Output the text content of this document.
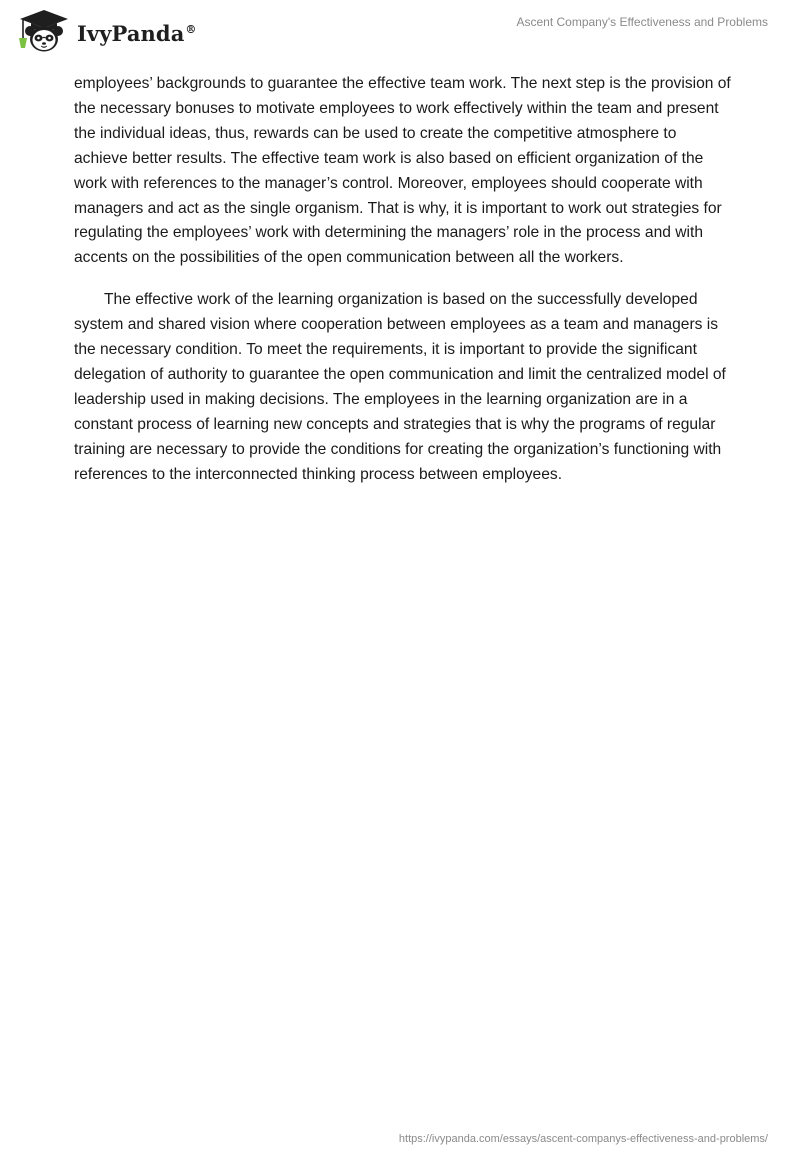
IvyPanda®	Ascent Company's Effectiveness and Problems

employees’ backgrounds to guarantee the effective team work. The next step is the provision of the necessary bonuses to motivate employees to work effectively within the team and present the individual ideas, thus, rewards can be used to create the competitive atmosphere to achieve better results. The effective team work is also based on efficient organization of the work with references to the manager’s control. Moreover, employees should cooperate with managers and act as the single organism. That is why, it is important to work out strategies for regulating the employees’ work with determining the managers’ role in the process and with accents on the possibilities of the open communication between all the workers.

The effective work of the learning organization is based on the successfully developed system and shared vision where cooperation between employees as a team and managers is the necessary condition. To meet the requirements, it is important to provide the significant delegation of authority to guarantee the open communication and limit the centralized model of leadership used in making decisions. The employees in the learning organization are in a constant process of learning new concepts and strategies that is why the programs of regular training are necessary to provide the conditions for creating the organization’s functioning with references to the interconnected thinking process between employees.

https://ivypanda.com/essays/ascent-companys-effectiveness-and-problems/
